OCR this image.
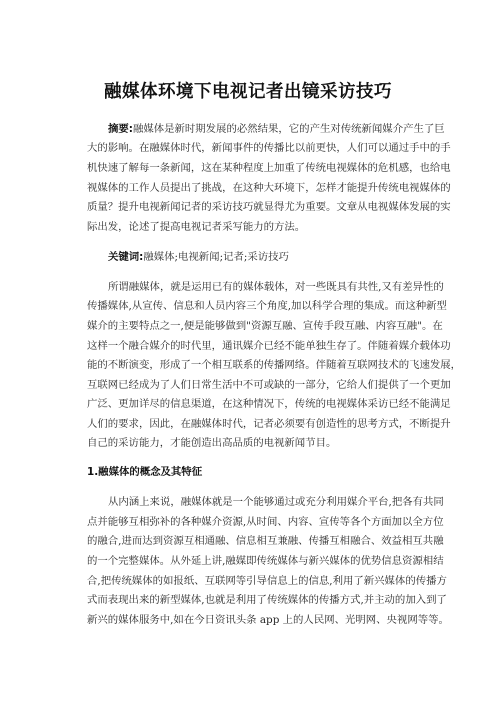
融媒体环境下电视记者出镜采访技巧
摘要:融媒体是新时期发展的必然结果，它的产生对传统新闻媒介产生了巨
大的影响。在融媒体时代，新闻事件的传播比以前更快，人们可以通过手中的手
机快速了解每一条新闻，这在某种程度上加重了传统电视媒体的危机感，也给电
视媒体的工作人员提出了挑战，在这种大环境下，怎样才能提升传统电视媒体的
质量？提升电视新闻记者的采访技巧就显得尤为重要。文章从电视媒体发展的实
际出发，论述了提高电视记者采写能力的方法。
关键词:融媒体;电视新闻;记者;采访技巧
所谓融媒体，就是运用已有的媒体载体，对一些既具有共性,又有差异性的
传播媒体,从宣传、信息和人员内容三个角度,加以科学合理的集成。而这种新型
媒介的主要特点之一,便是能够做到"资源互融、宣传手段互融、内容互融"。在
这样一个融合媒介的时代里，通讯媒介已经不能单独生存了。伴随着媒介载体功
能的不断演变，形成了一个相互联系的传播网络。伴随着互联网技术的飞速发展，
互联网已经成为了人们日常生活中不可或缺的一部分，它给人们提供了一个更加
广泛、更加详尽的信息渠道，在这种情况下，传统的电视媒体采访已经不能满足
人们的要求，因此，在融媒体时代，记者必须要有创造性的思考方式，不断提升
自己的采访能力，才能创造出高品质的电视新闻节目。
1.融媒体的概念及其特征
从内涵上来说，融媒体就是一个能够通过或充分利用媒介平台,把各有共同
点并能够互相弥补的各种媒介资源,从时间、内容、宣传等各个方面加以全方位
的融合,进而达到资源互相通融、信息相互兼融、传播互相融合、效益相互共融
的一个完整媒体。从外延上讲,融媒即传统媒体与新兴媒体的优势信息资源相结
合,把传统媒体的如报纸、互联网等引导信息上的信息,利用了新兴媒体的传播方
式而表现出来的新型媒体,也就是利用了传统媒体的传播方式,并主动的加入到了
新兴的媒体服务中,如在今日资讯头条 app 上的人民网、光明网、央视网等等。
